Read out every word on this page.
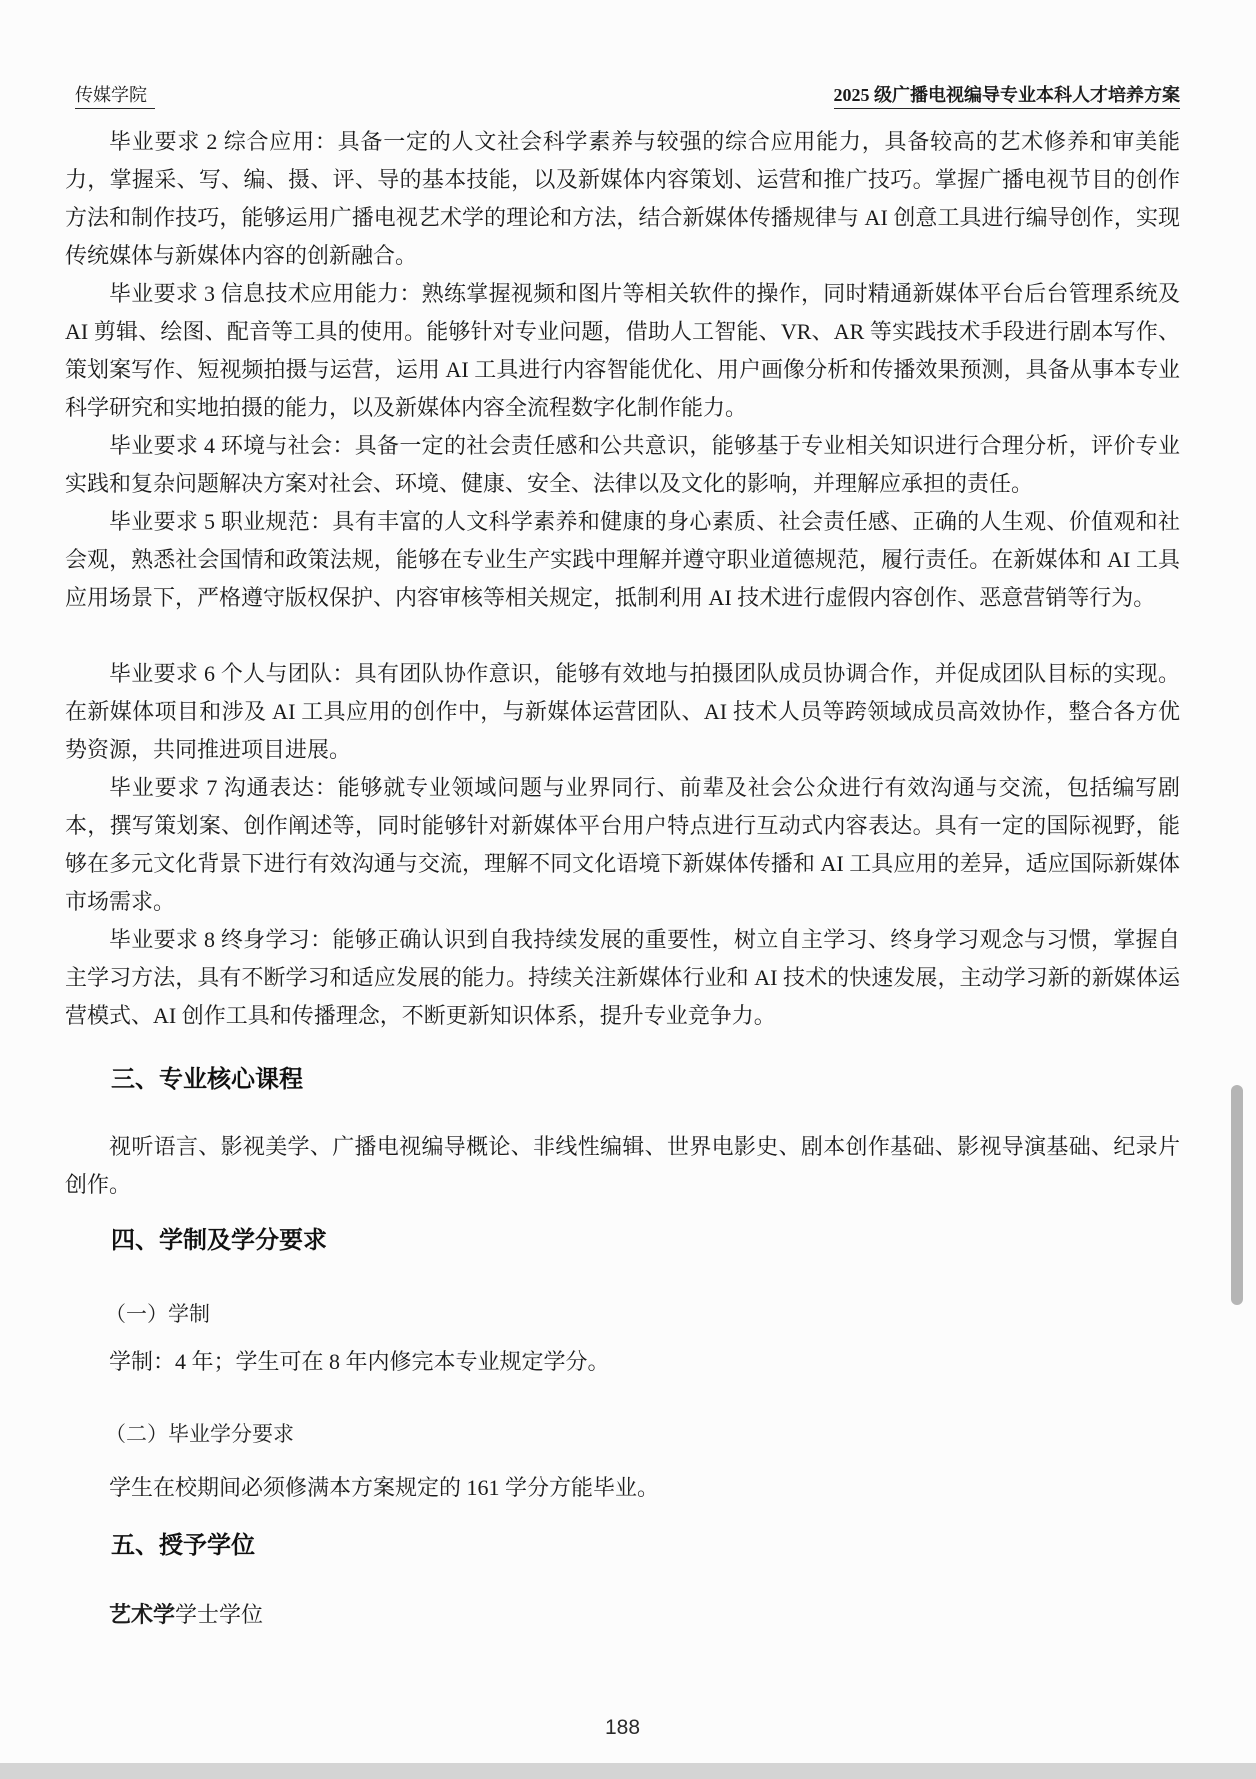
传媒学院	2025 级广播电视编导专业本科人才培养方案

毕业要求 2 综合应用：具备一定的人文社会科学素养与较强的综合应用能力，具备较高的艺术修养和审美能力，掌握采、写、编、摄、评、导的基本技能，以及新媒体内容策划、运营和推广技巧。掌握广播电视节目的创作方法和制作技巧，能够运用广播电视艺术学的理论和方法，结合新媒体传播规律与 AI 创意工具进行编导创作，实现传统媒体与新媒体内容的创新融合。

毕业要求 3 信息技术应用能力：熟练掌握视频和图片等相关软件的操作，同时精通新媒体平台后台管理系统及 AI 剪辑、绘图、配音等工具的使用。能够针对专业问题，借助人工智能、VR、AR 等实践技术手段进行剧本写作、策划案写作、短视频拍摄与运营，运用 AI 工具进行内容智能优化、用户画像分析和传播效果预测，具备从事本专业科学研究和实地拍摄的能力，以及新媒体内容全流程数字化制作能力。

毕业要求 4 环境与社会：具备一定的社会责任感和公共意识，能够基于专业相关知识进行合理分析，评价专业实践和复杂问题解决方案对社会、环境、健康、安全、法律以及文化的影响，并理解应承担的责任。

毕业要求 5 职业规范：具有丰富的人文科学素养和健康的身心素质、社会责任感、正确的人生观、价值观和社会观，熟悉社会国情和政策法规，能够在专业生产实践中理解并遵守职业道德规范，履行责任。在新媒体和 AI 工具应用场景下，严格遵守版权保护、内容审核等相关规定，抵制利用 AI 技术进行虚假内容创作、恶意营销等行为。

毕业要求 6 个人与团队：具有团队协作意识，能够有效地与拍摄团队成员协调合作，并促成团队目标的实现。在新媒体项目和涉及 AI 工具应用的创作中，与新媒体运营团队、AI 技术人员等跨领域成员高效协作，整合各方优势资源，共同推进项目进展。

毕业要求 7 沟通表达：能够就专业领域问题与业界同行、前辈及社会公众进行有效沟通与交流，包括编写剧本，撰写策划案、创作阐述等，同时能够针对新媒体平台用户特点进行互动式内容表达。具有一定的国际视野，能够在多元文化背景下进行有效沟通与交流，理解不同文化语境下新媒体传播和 AI 工具应用的差异，适应国际新媒体市场需求。

毕业要求 8 终身学习：能够正确认识到自我持续发展的重要性，树立自主学习、终身学习观念与习惯，掌握自主学习方法，具有不断学习和适应发展的能力。持续关注新媒体行业和 AI 技术的快速发展，主动学习新的新媒体运营模式、AI 创作工具和传播理念，不断更新知识体系，提升专业竞争力。

三、专业核心课程

视听语言、影视美学、广播电视编导概论、非线性编辑、世界电影史、剧本创作基础、影视导演基础、纪录片创作。

四、学制及学分要求

（一）学制

学制：4 年；学生可在 8 年内修完本专业规定学分。

（二）毕业学分要求

学生在校期间必须修满本方案规定的 161 学分方能毕业。

五、授予学位

艺术学学士学位

188
